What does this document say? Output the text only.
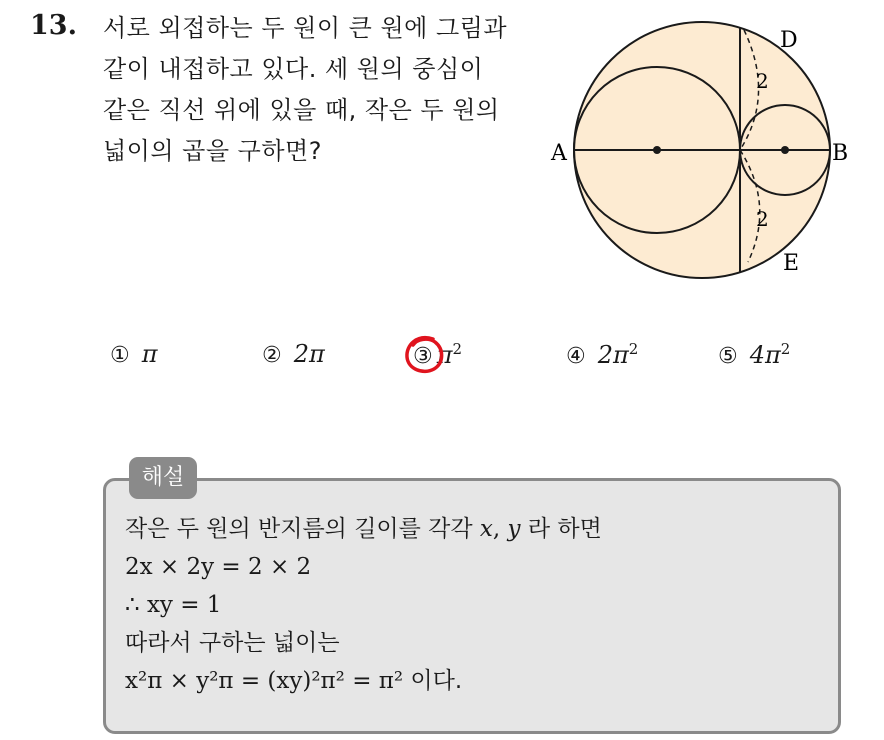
13. 서로 외접하는 두 원이 큰 원에 그림과
같이 내접하고 있다. 세 원의 중심이
같은 직선 위에 있을 때, 작은 두 원의
넓이의 곱을 구하면?	A	B
D
E
2
2
① π	② 2π	③ $\pi^2$	④ $2\pi^2$	⑤ $4\pi^2$
해설
작은 두 원의 반지름의 길이를 각각 x, y 라 하면
2x × 2y = 2 × 2
∴ xy = 1
따라서 구하는 넓이는
x²π × y²π = (xy)²π² = π² 이다.
